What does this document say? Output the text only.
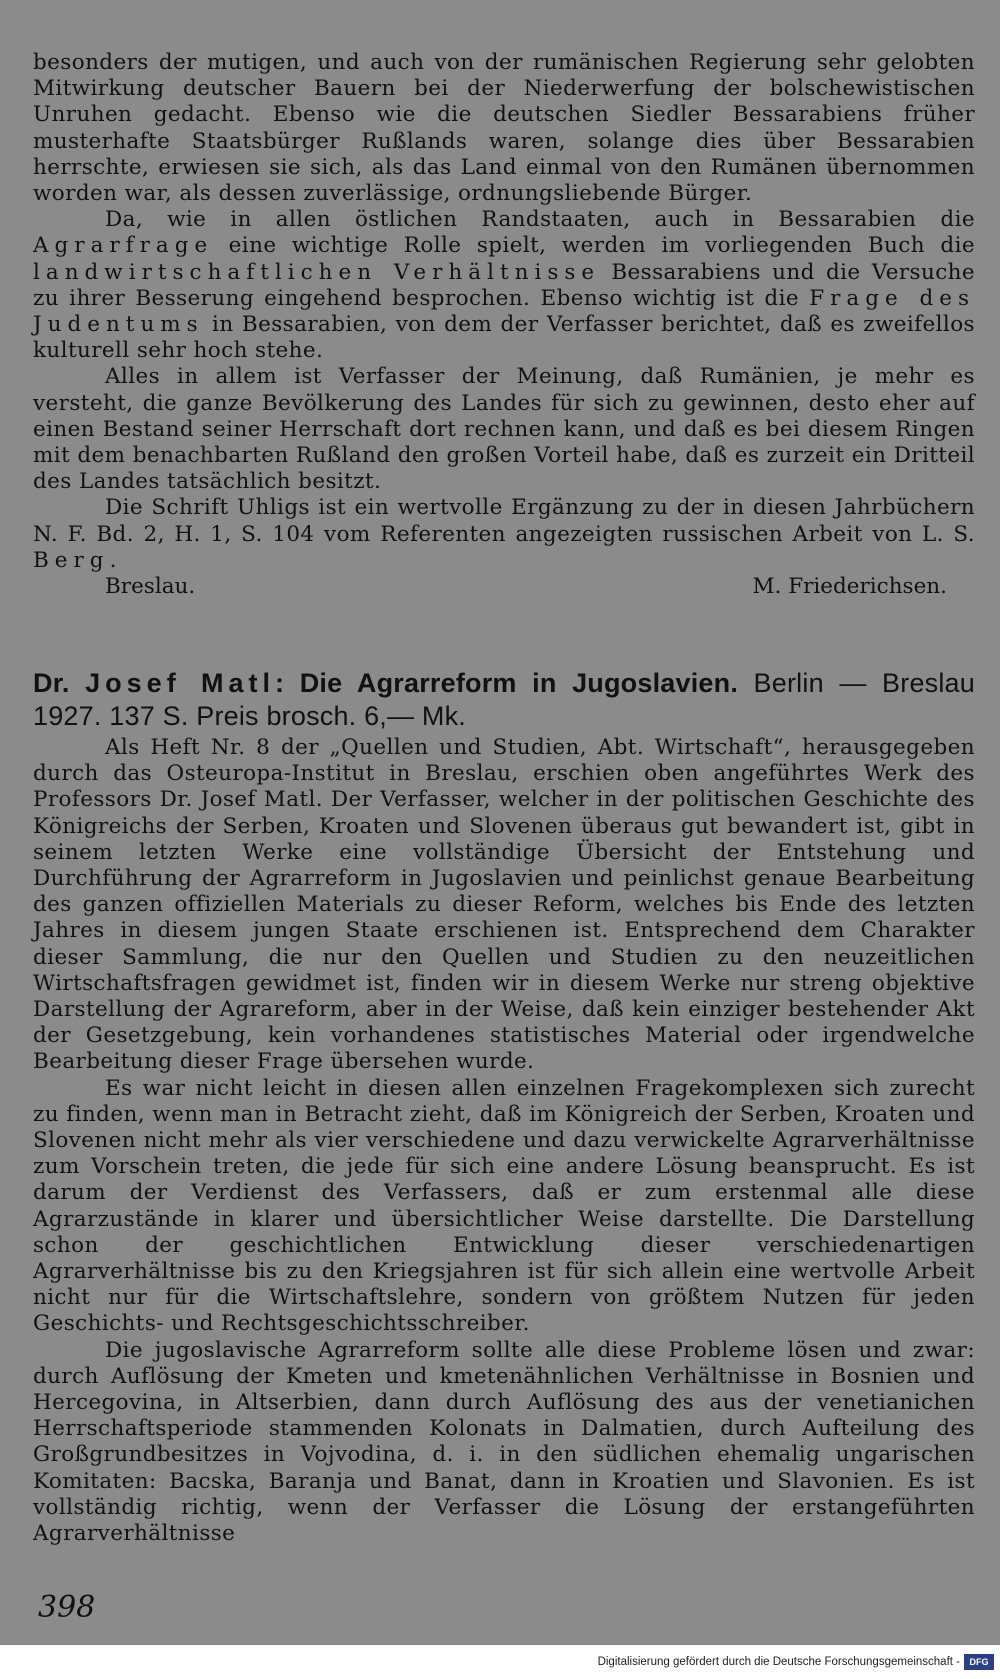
besonders der mutigen, und auch von der rumänischen Regierung sehr gelobten Mitwirkung deutscher Bauern bei der Niederwerfung der bolschewistischen Unruhen gedacht. Ebenso wie die deutschen Siedler Bessarabiens früher musterhafte Staatsbürger Rußlands waren, solange dies über Bessarabien herrschte, erwiesen sie sich, als das Land einmal von den Rumänen übernommen worden war, als dessen zuverlässige, ordnungsliebende Bürger.

Da, wie in allen östlichen Randstaaten, auch in Bessarabien die Agrarfrage eine wichtige Rolle spielt, werden im vorliegenden Buch die landwirtschaftlichen Verhältnisse Bessarabiens und die Versuche zu ihrer Besserung eingehend besprochen. Ebenso wichtig ist die Frage des Judentums in Bessarabien, von dem der Verfasser berichtet, daß es zweifellos kulturell sehr hoch stehe.

Alles in allem ist Verfasser der Meinung, daß Rumänien, je mehr es versteht, die ganze Bevölkerung des Landes für sich zu gewinnen, desto eher auf einen Bestand seiner Herrschaft dort rechnen kann, und daß es bei diesem Ringen mit dem benachbarten Rußland den großen Vorteil habe, daß es zurzeit ein Dritteil des Landes tatsächlich besitzt.

Die Schrift Uhligs ist ein wertvolle Ergänzung zu der in diesen Jahrbüchern N. F. Bd. 2, H. 1, S. 104 vom Referenten angezeigten russischen Arbeit von L. S. Berg.

Breslau.	M. Friederichsen.

Dr. Josef Matl: Die Agrarreform in Jugoslavien. Berlin — Breslau 1927. 137 S. Preis brosch. 6,— Mk.

Als Heft Nr. 8 der „Quellen und Studien, Abt. Wirtschaft“, herausgegeben durch das Osteuropa-Institut in Breslau, erschien oben angeführtes Werk des Professors Dr. Josef Matl. Der Verfasser, welcher in der politischen Geschichte des Königreichs der Serben, Kroaten und Slovenen überaus gut bewandert ist, gibt in seinem letzten Werke eine vollständige Übersicht der Entstehung und Durchführung der Agrarreform in Jugoslavien und peinlichst genaue Bearbeitung des ganzen offiziellen Materials zu dieser Reform, welches bis Ende des letzten Jahres in diesem jungen Staate erschienen ist. Entsprechend dem Charakter dieser Sammlung, die nur den Quellen und Studien zu den neuzeitlichen Wirtschaftsfragen gewidmet ist, finden wir in diesem Werke nur streng objektive Darstellung der Agrareform, aber in der Weise, daß kein einziger bestehender Akt der Gesetzgebung, kein vorhandenes statistisches Material oder irgendwelche Bearbeitung dieser Frage übersehen wurde.

Es war nicht leicht in diesen allen einzelnen Fragekomplexen sich zurecht zu finden, wenn man in Betracht zieht, daß im Königreich der Serben, Kroaten und Slovenen nicht mehr als vier verschiedene und dazu verwickelte Agrarverhältnisse zum Vorschein treten, die jede für sich eine andere Lösung beansprucht. Es ist darum der Verdienst des Verfassers, daß er zum erstenmal alle diese Agrarzustände in klarer und übersichtlicher Weise darstellte. Die Darstellung schon der geschichtlichen Entwicklung dieser verschiedenartigen Agrarverhältnisse bis zu den Kriegsjahren ist für sich allein eine wertvolle Arbeit nicht nur für die Wirtschaftslehre, sondern von größtem Nutzen für jeden Geschichts- und Rechtsgeschichtsschreiber.

Die jugoslavische Agrarreform sollte alle diese Probleme lösen und zwar: durch Auflösung der Kmeten und kmetenähnlichen Verhältnisse in Bosnien und Hercegovina, in Altserbien, dann durch Auflösung des aus der venetianichen Herrschaftsperiode stammenden Kolonats in Dalmatien, durch Aufteilung des Großgrundbesitzes in Vojvodina, d. i. in den südlichen ehemalig ungarischen Komitaten: Bacska, Baranja und Banat, dann in Kroatien und Slavonien. Es ist vollständig richtig, wenn der Verfasser die Lösung der erstangeführten Agrarverhältnisse

398
Digitalisierung gefördert durch die Deutsche Forschungsgemeinschaft -	DFG
